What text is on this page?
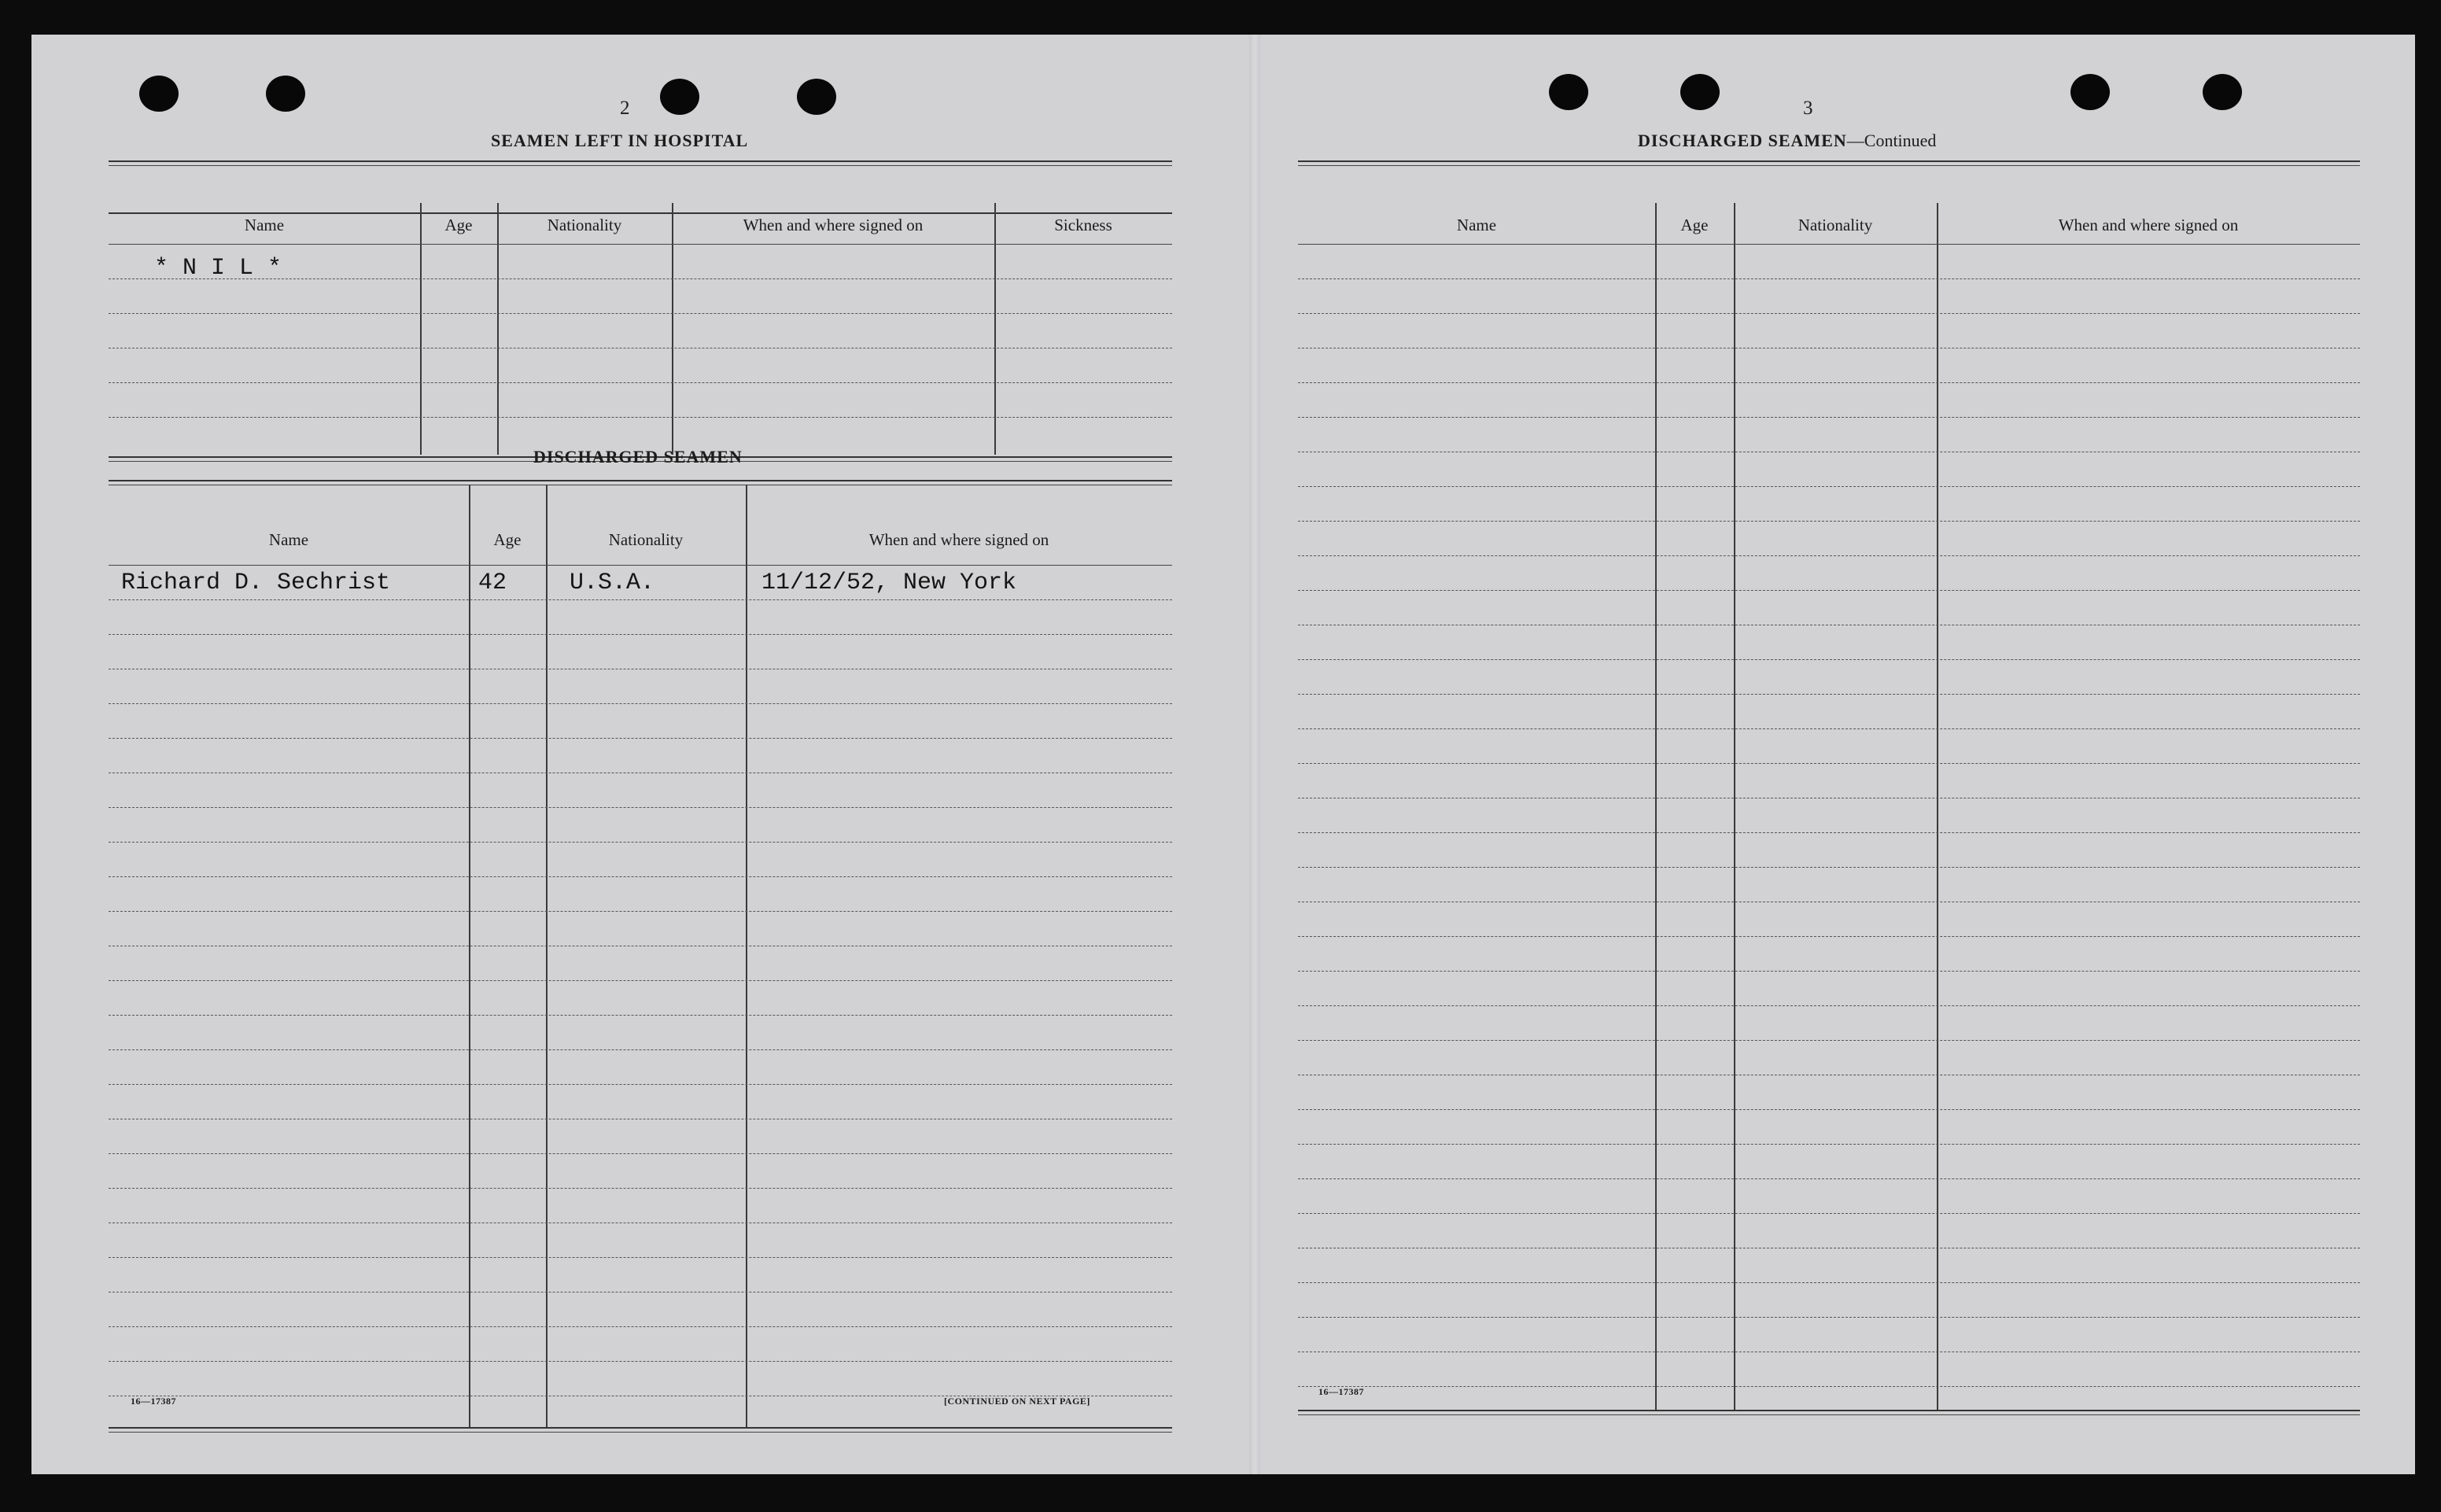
2
SEAMEN LEFT IN HOSPITAL
Name	Age	Nationality	When and where signed on	Sickness
* N I L *
DISCHARGED SEAMEN
Name	Age	Nationality	When and where signed on
Richard D. Sechrist	42	U.S.A.	11/12/52, New York
16—17387	[CONTINUED ON NEXT PAGE]
3
DISCHARGED SEAMEN—Continued
Name	Age	Nationality	When and where signed on
16—17387
